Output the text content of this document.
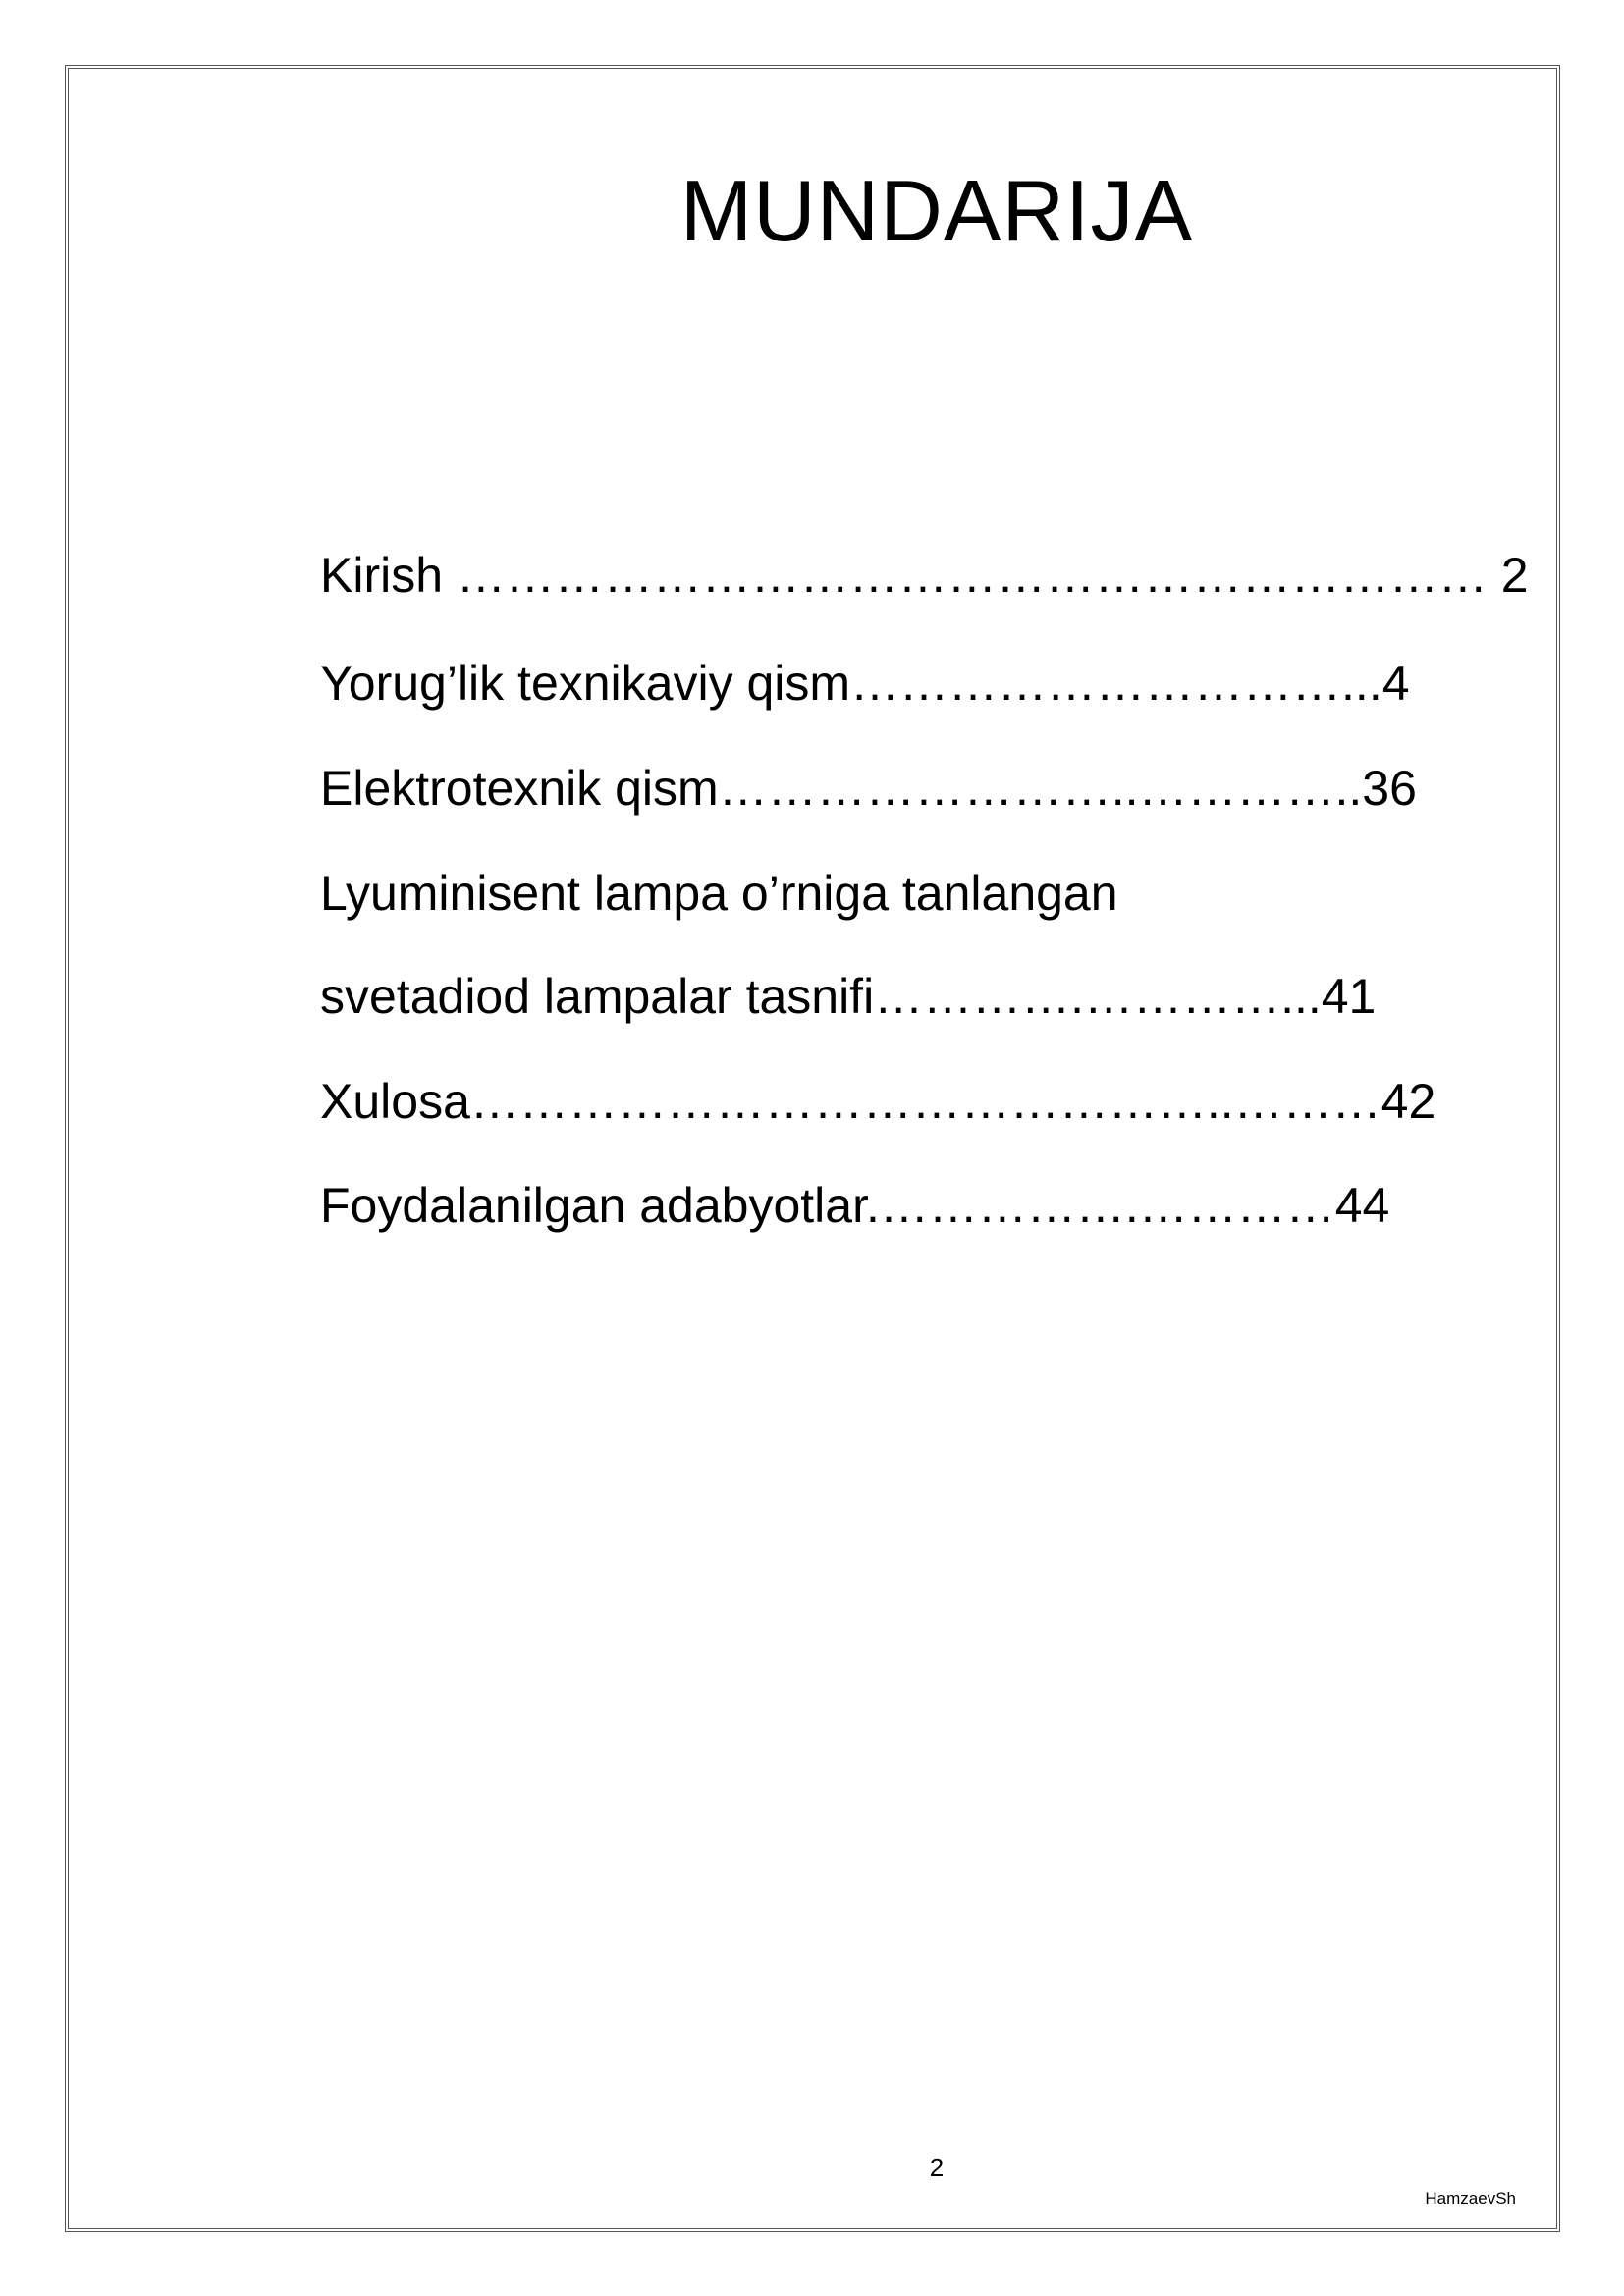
MUNDARIJA
Kirish ……………………………………………………… 2
Yorug’lik texnikaviy qism…………………………...4
Elektrotexnik qism……………………..…………..36
Lyuminisent lampa o’rniga tanlangan
svetadiod lampalar tasnifi………….…………...41
Xulosa………………………………………..………42
Foydalanilgan adabyotlar.…………….…………44
2
HamzaevSh
